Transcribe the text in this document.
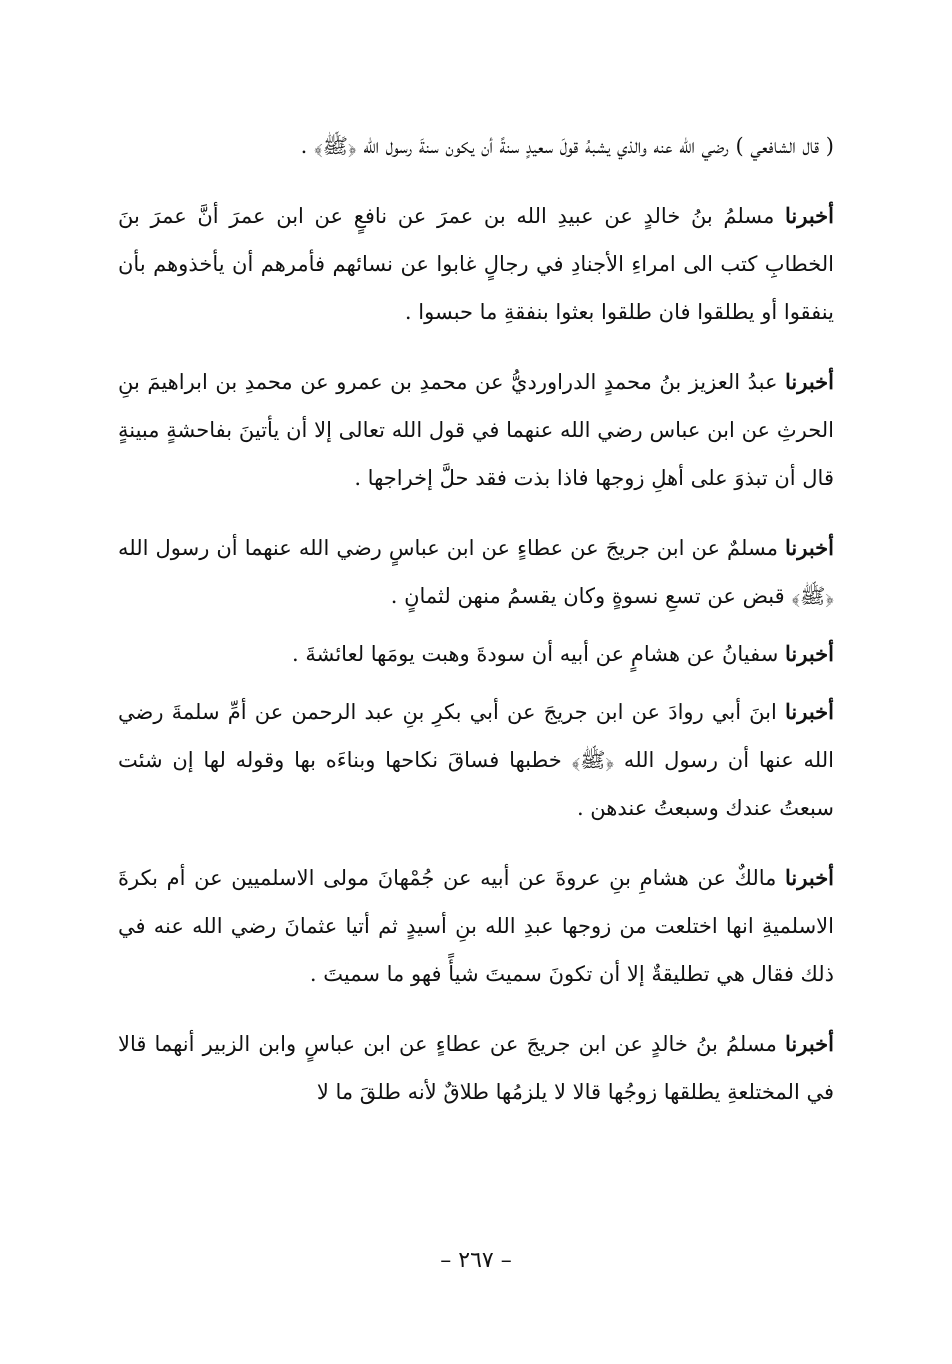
( قال الشافعي ) رضي الله عنه والذي يشبهُ قولَ سعيدٍ سنةً أن يكون سنةَ رسول الله ﴿ﷺ﴾ .

أخبرنا مسلمُ بنُ خالدٍ عن عبيدِ الله بن عمرَ عن نافعٍ عن ابن عمرَ أنَّ عمرَ بنَ الخطابِ كتب الى امراءِ الأجنادِ في رجالٍ غابوا عن نسائهم فأمرهم أن يأخذوهم بأن ينفقوا أو يطلقوا فان طلقوا بعثوا بنفقةِ ما حبسوا .

أخبرنا عبدُ العزيز بنُ محمدٍ الدراورديُّ عن محمدِ بن عمرو عن محمدِ بن ابراهيمَ بنِ الحرثِ عن ابن عباس رضي الله عنهما في قول الله تعالى إلا أن يأتينَ بفاحشةٍ مبينةٍ قال أن تبذوَ على أهلِ زوجها فاذا بذت فقد حلَّ إخراجها .

أخبرنا مسلمٌ عن ابن جريجَ عن عطاءٍ عن ابن عباسٍ رضي الله عنهما أن رسول الله ﴿ﷺ﴾ قبض عن تسعِ نسوةٍ وكان يقسمُ منهن لثمانٍ .

أخبرنا سفيانُ عن هشامٍ عن أبيه أن سودةَ وهبت يومَها لعائشةَ .

أخبرنا ابنَ أبي روادَ عن ابن جريجَ عن أبي بكرِ بنِ عبد الرحمن عن أمِّ سلمةَ رضي الله عنها أن رسول الله ﴿ﷺ﴾ خطبها فساقَ نكاحها وبناءَه بها وقوله لها إن شئت سبعتُ عندك وسبعتُ عندهن .

أخبرنا مالكٌ عن هشامِ بنِ عروةَ عن أبيه عن جُمْهانَ مولى الاسلميين عن أم بكرةَ الاسلميةِ انها اختلعت من زوجها عبدِ الله بنِ أسيدٍ ثم أتيا عثمانَ رضي الله عنه في ذلك فقال هي تطليقةٌ إلا أن تكونَ سميتَ شيأً فهو ما سميتَ .

أخبرنا مسلمُ بنُ خالدٍ عن ابن جريجَ عن عطاءٍ عن ابن عباسٍ وابن الزبير أنهما قالا في المختلعةِ يطلقها زوجُها قالا لا يلزمُها طلاقٌ لأنه طلقَ ما لا

– ٢٦٧ –
